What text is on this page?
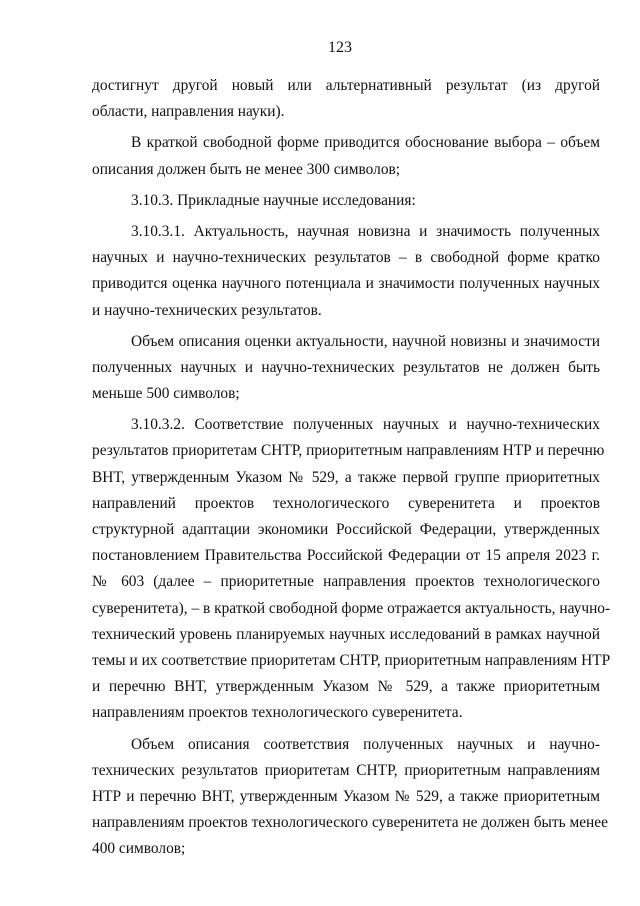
123
достигнут другой новый или альтернативный результат (из другой
области, направления науки).
В краткой свободной форме приводится обоснование выбора – объем
описания должен быть не менее 300 символов;
3.10.3. Прикладные научные исследования:
3.10.3.1. Актуальность, научная новизна и значимость полученных
научных и научно-технических результатов – в свободной форме кратко
приводится оценка научного потенциала и значимости полученных научных
и научно-технических результатов.
Объем описания оценки актуальности, научной новизны и значимости
полученных научных и научно-технических результатов не должен быть
меньше 500 символов;
3.10.3.2. Соответствие полученных научных и научно-технических
результатов приоритетам СНТР, приоритетным направлениям НТР и перечню
ВНТ, утвержденным Указом № 529, а также первой группе приоритетных
направлений проектов технологического суверенитета и проектов
структурной адаптации экономики Российской Федерации, утвержденных
постановлением Правительства Российской Федерации от 15 апреля 2023 г.
№ 603 (далее – приоритетные направления проектов технологического
суверенитета), – в краткой свободной форме отражается актуальность, научно-
технический уровень планируемых научных исследований в рамках научной
темы и их соответствие приоритетам СНТР, приоритетным направлениям НТР
и перечню ВНТ, утвержденным Указом № 529, а также приоритетным
направлениям проектов технологического суверенитета.
Объем описания соответствия полученных научных и научно-
технических результатов приоритетам СНТР, приоритетным направлениям
НТР и перечню ВНТ, утвержденным Указом № 529, а также приоритетным
направлениям проектов технологического суверенитета не должен быть менее
400 символов;
